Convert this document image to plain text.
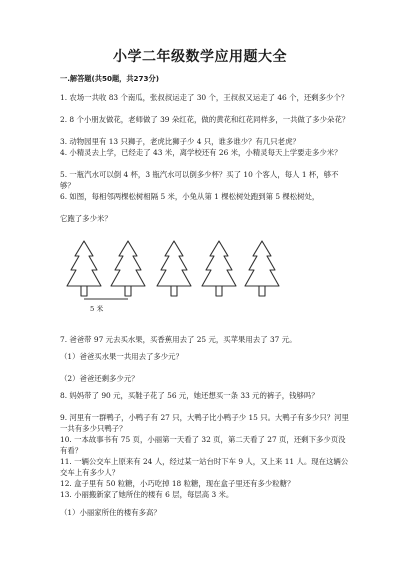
小学二年级数学应用题大全
一.解答题(共50题，共273分)
1. 农场一共收 83 个南瓜，张叔叔运走了 30 个，王叔叔又运走了 46 个，还剩多少个？
2. 8 个小朋友做花，老师做了 39 朵红花，做的黄花和红花同样多，一共做了多少朵花？
3. 动物园里有 13 只狮子，老虎比狮子少 4 只，谁多谁少？有几只老虎？
4. 小精灵去上学，已经走了 43 米，离学校还有 26 米，小精灵每天上学要走多少米？
5. 一瓶汽水可以倒 4 杯，3 瓶汽水可以倒多少杯？买了 10 个客人，每人 1 杯，够不够？
6. 如图，每相邻两棵松树相隔 5 米，小兔从第 1 棵松树处跑到第 5 棵松树处，
它跑了多少米？
5 米
7. 爸爸带 97 元去买水果，买香蕉用去了 25 元，买苹果用去了 37 元。
（1）爸爸买水果一共用去了多少元？
（2）爸爸还剩多少元？
8. 妈妈带了 90 元，买鞋子花了 56 元，她还想买一条 33 元的裤子，钱够吗？
9. 河里有一群鸭子，小鸭子有 27 只，大鸭子比小鸭子少 15 只。大鸭子有多少只？河里一共有多少只鸭子？
10. 一本故事书有 75 页，小丽第一天看了 32 页，第二天看了 27 页，还剩下多少页没有看？
11. 一辆公交车上原来有 24 人，经过某一站台时下车 9 人，又上来 11 人。现在这辆公交车上有多少人？
12. 盒子里有 50 粒糖，小巧吃掉 18 粒糖，现在盒子里还有多少粒糖？
13. 小丽搬新家了她所住的楼有 6 层，每层高 3 米。
（1）小丽家所住的楼有多高？
